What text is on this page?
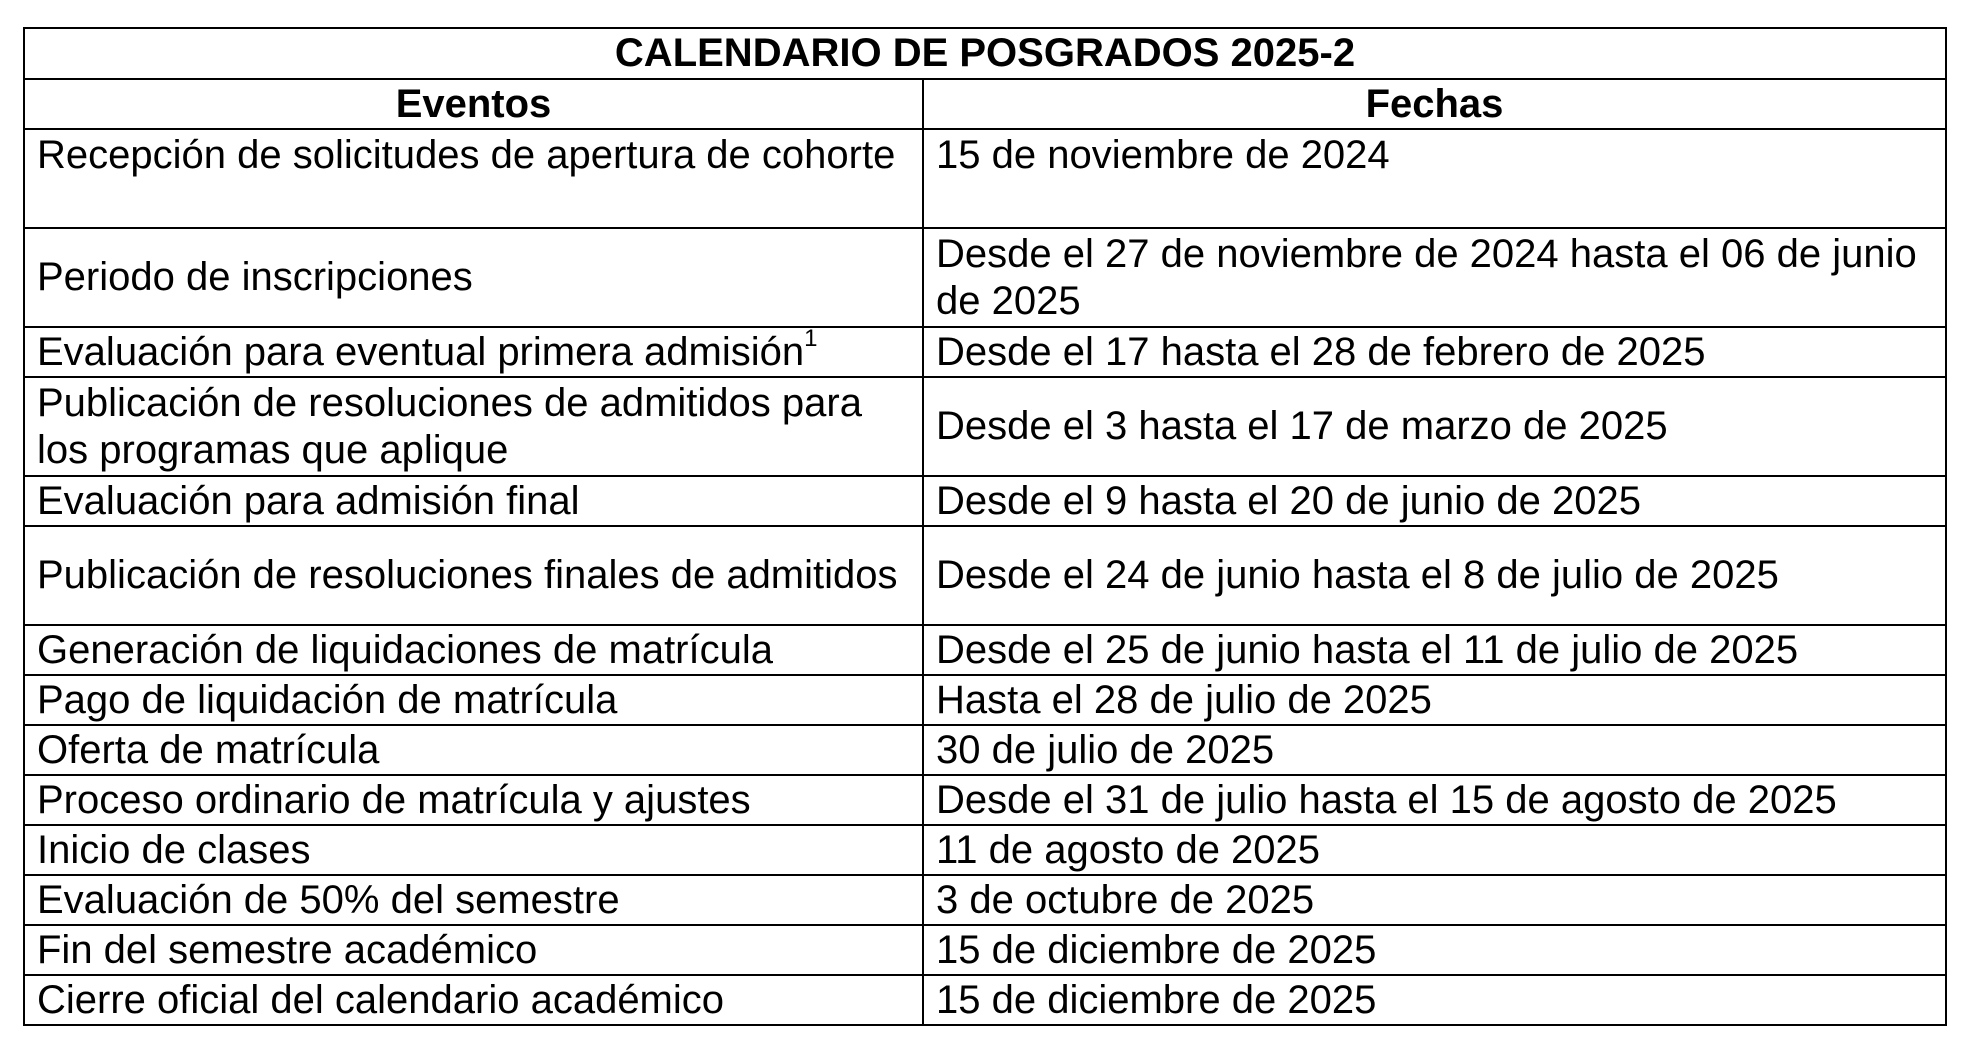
CALENDARIO DE POSGRADOS 2025-2	
Eventos	Fechas
Recepción de solicitudes de apertura de cohorte	15 de noviembre de 2024
Periodo de inscripciones	Desde el 27 de noviembre de 2024 hasta el 06 de junio de 2025
Evaluación para eventual primera admisión$^1$	Desde el 17 hasta el 28 de febrero de 2025
Publicación de resoluciones de admitidos para los programas que aplique	Desde el 3 hasta el 17 de marzo de 2025
Evaluación para admisión final	Desde el 9 hasta el 20 de junio de 2025
Publicación de resoluciones finales de admitidos	Desde el 24 de junio hasta el 8 de julio de 2025
Generación de liquidaciones de matrícula	Desde el 25 de junio hasta el 11 de julio de 2025
Pago de liquidación de matrícula	Hasta el 28 de julio de 2025
Oferta de matrícula	30 de julio de 2025
Proceso ordinario de matrícula y ajustes	Desde el 31 de julio hasta el 15 de agosto de 2025
Inicio de clases	11 de agosto de 2025
Evaluación de 50% del semestre	3 de octubre de 2025
Fin del semestre académico	15 de diciembre de 2025
Cierre oficial del calendario académico	15 de diciembre de 2025
